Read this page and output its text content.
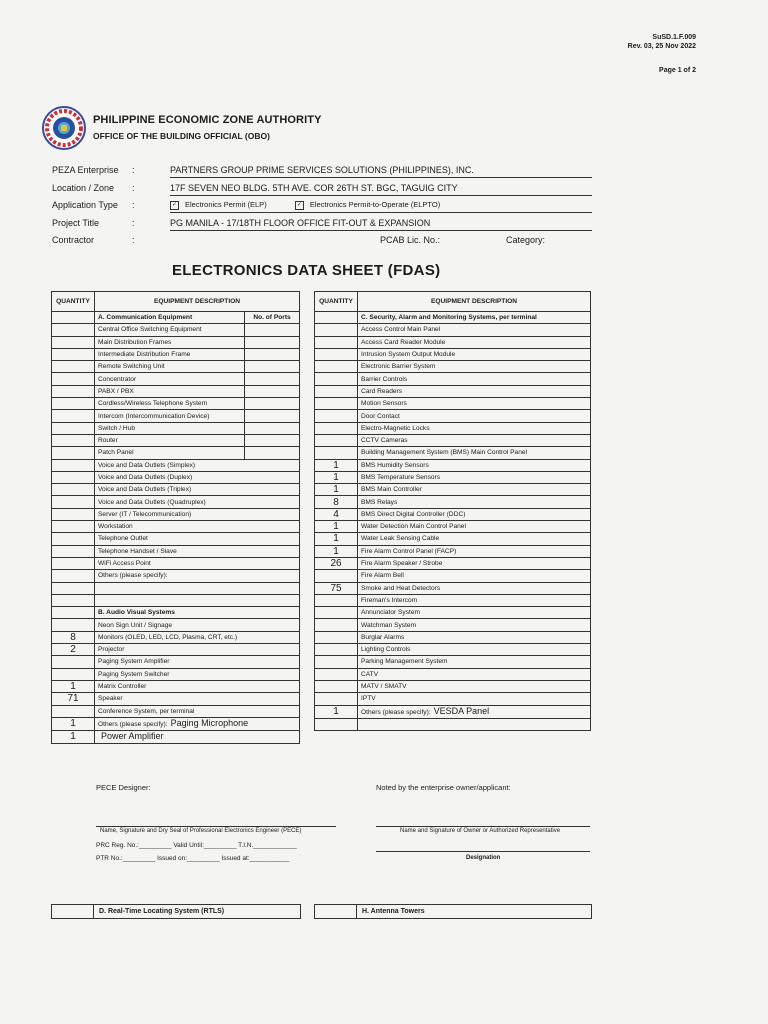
SuSD.1.F.009
Rev. 03, 25 Nov 2022
Page 1 of 2
PHILIPPINE ECONOMIC ZONE AUTHORITY
OFFICE OF THE BUILDING OFFICIAL (OBO)
PEZA Enterprise :	PARTNERS GROUP PRIME SERVICES SOLUTIONS (PHILIPPINES), INC.
Location / Zone :	17F SEVEN NEO BLDG. 5TH AVE. COR 26TH ST. BGC, TAGUIG CITY
Application Type :	✓ Electronics Permit (ELP)	✓ Electronics Permit-to-Operate (ELPTO)
Project Title	:	PG MANILA - 17/18TH FLOOR OFFICE FIT-OUT & EXPANSION
Contractor	:	PCAB Lic. No.:	Category:
ELECTRONICS DATA SHEET (FDAS)
QUANTITY	EQUIPMENT DESCRIPTION	
	A. Communication Equipment	No. of Ports
	Central Office Switching Equipment	
	Main Distribution Frames	
	Intermediate Distribution Frame	
	Remote Switching Unit	
	Concentrator	
	PABX / PBX	
	Cordless/Wireless Telephone System	
	Intercom (Intercommunication Device)	
	Switch / Hub	
	Router	
	Patch Panel	
	Voice and Data Outlets (Simplex)	
	Voice and Data Outlets (Duplex)	
	Voice and Data Outlets (Triplex)	
	Voice and Data Outlets (Quadruplex)	
	Server (IT / Telecommunication)	
	Workstation	
	Telephone Outlet	
	Telephone Handset / Slave	
	WiFi Access Point	
	Others (please specify):	

	B. Audio Visual Systems	
	Neon Sign Unit / Signage	
8	Monitors (OLED, LED, LCD, Plasma, CRT, etc.)	
2	Projector	
	Paging System Amplifier	
	Paging System Switcher	
1	Matrix Controller	
71	Speaker	
	Conference System, per terminal	
1	Others (please specify): Paging Microphone	
1	Power Amplifier	
QUANTITY	EQUIPMENT DESCRIPTION
	C. Security, Alarm and Monitoring Systems, per terminal
	Access Control Main Panel
	Access Card Reader Module
	Intrusion System Output Module
	Electronic Barrier System
	Barrier Controls
	Card Readers
	Motion Sensors
	Door Contact
	Electro-Magnetic Locks
	CCTV Cameras
	Building Management System (BMS) Main Control Panel
1	BMS Humidity Sensors
1	BMS Temperature Sensors
1	BMS Main Controller
8	BMS Relays
4	BMS Direct Digital Controller (DDC)
1	Water Detection Main Control Panel
1	Water Leak Sensing Cable
1	Fire Alarm Control Panel (FACP)
26	Fire Alarm Speaker / Strobe
	Fire Alarm Bell
75	Smoke and Heat Detectors
	Fireman's Intercom
	Annunciator System
	Watchman System
	Burglar Alarms
	Lighting Controls
	Parking Management System
	CATV
	MATV / SMATV
	IPTV
1	Others (please specify): VESDA Panel

PECE Designer:	Noted by the enterprise owner/applicant:
Name, Signature and Dry Seal of Professional Electronics Engineer (PECE)
PRC Reg. No.:_________ Valid Until:_________ T.I.N.____________
PTR No.:_________ Issued on:_________ Issued at:___________
Name and Signature of Owner or Authorized Representative
Designation
D. Real-Time Locating System (RTLS)	H. Antenna Towers
